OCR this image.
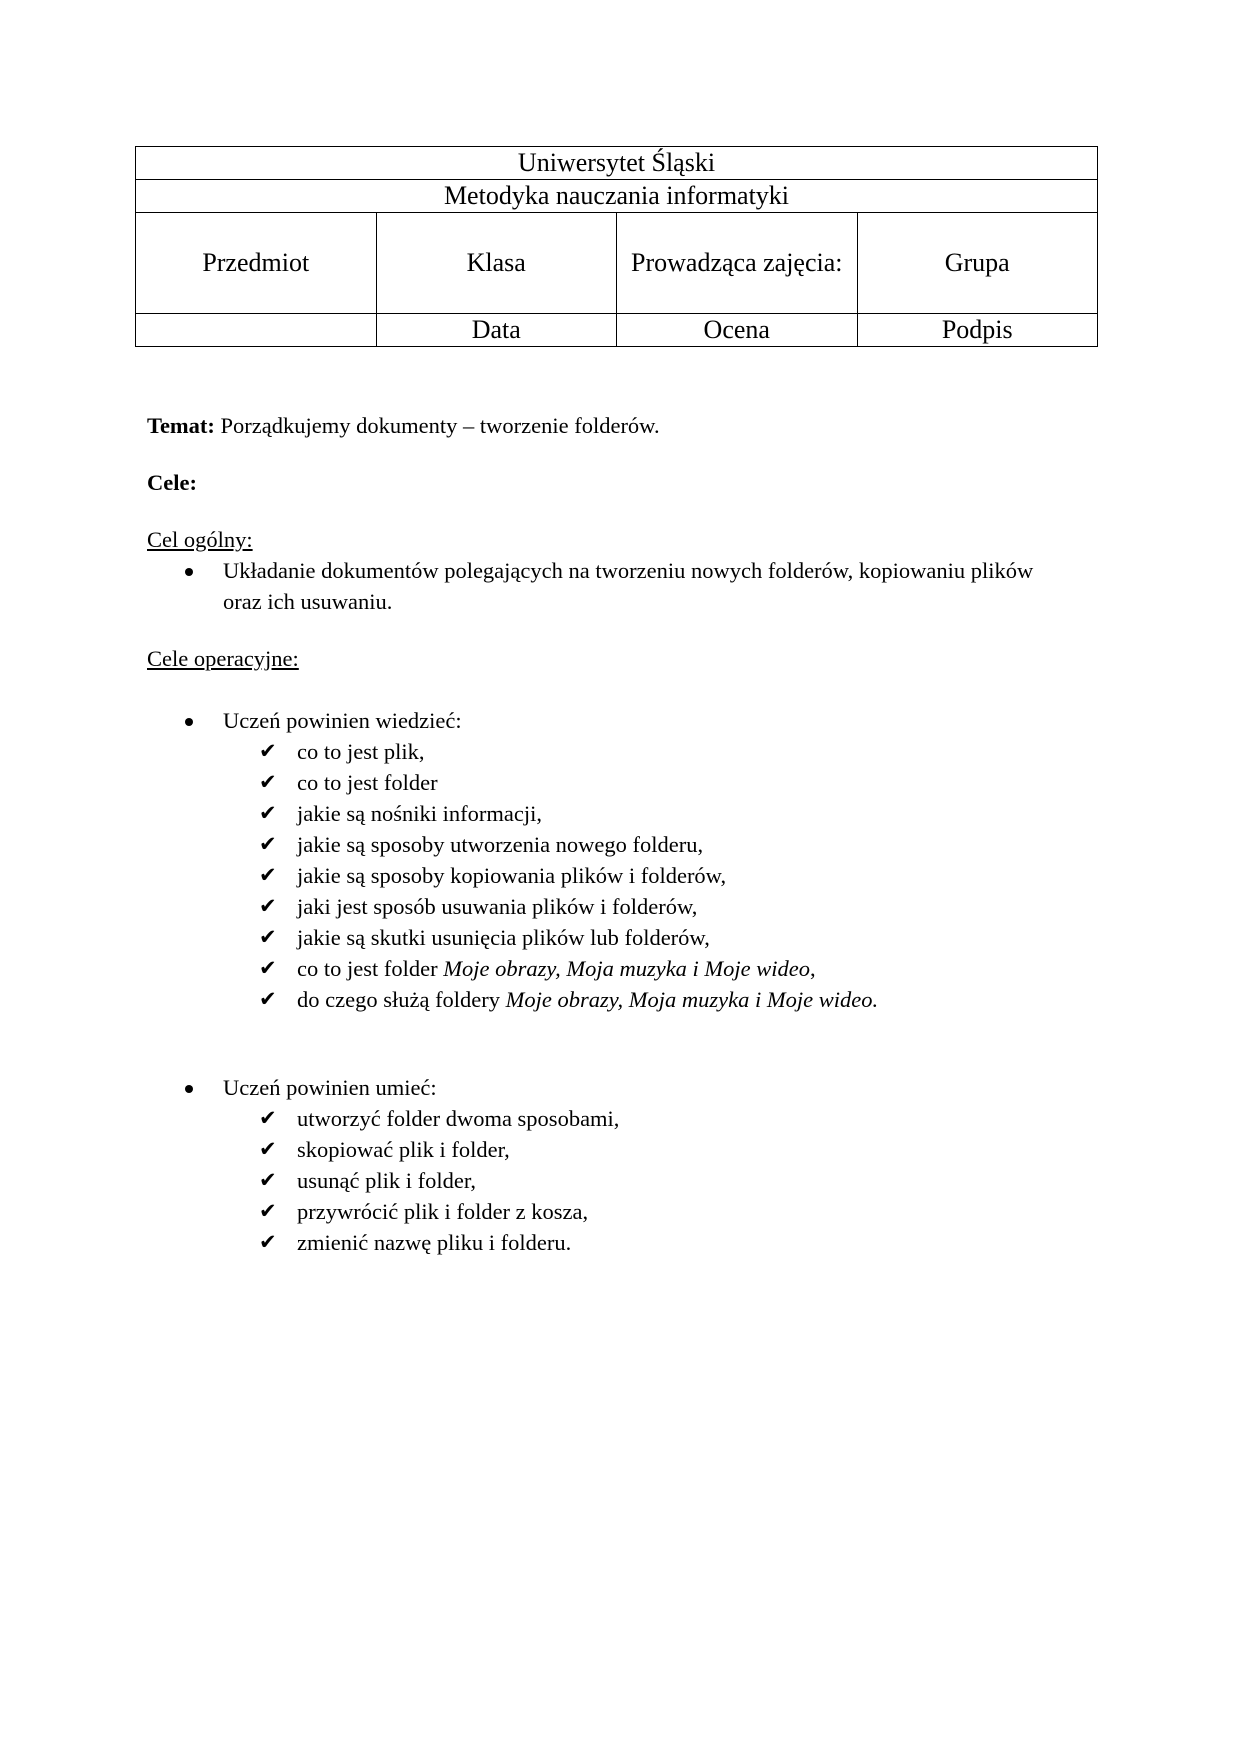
Uniwersytet Śląski			
Metodyka nauczania informatyki			
Przedmiot	Klasa	Prowadząca zajęcia:	Grupa
	Data	Ocena	Podpis

Temat: Porządkujemy dokumenty – tworzenie folderów.

Cele:

Cel ogólny:

Układanie dokumentów polegających na tworzeniu nowych folderów, kopiowaniu plików oraz ich usuwaniu.

Cele operacyjne:

Uczeń powinien wiedzieć:
✔ co to jest plik,
✔ co to jest folder
✔ jakie są nośniki informacji,
✔ jakie są sposoby utworzenia nowego folderu,
✔ jakie są sposoby kopiowania plików i folderów,
✔ jaki jest sposób usuwania plików i folderów,
✔ jakie są skutki usunięcia plików lub folderów,
✔ co to jest folder Moje obrazy, Moja muzyka i Moje wideo,
✔ do czego służą foldery Moje obrazy, Moja muzyka i Moje wideo.
Uczeń powinien umieć:
✔ utworzyć folder dwoma sposobami,
✔ skopiować plik i folder,
✔ usunąć plik i folder,
✔ przywrócić plik i folder z kosza,
✔ zmienić nazwę pliku i folderu.
